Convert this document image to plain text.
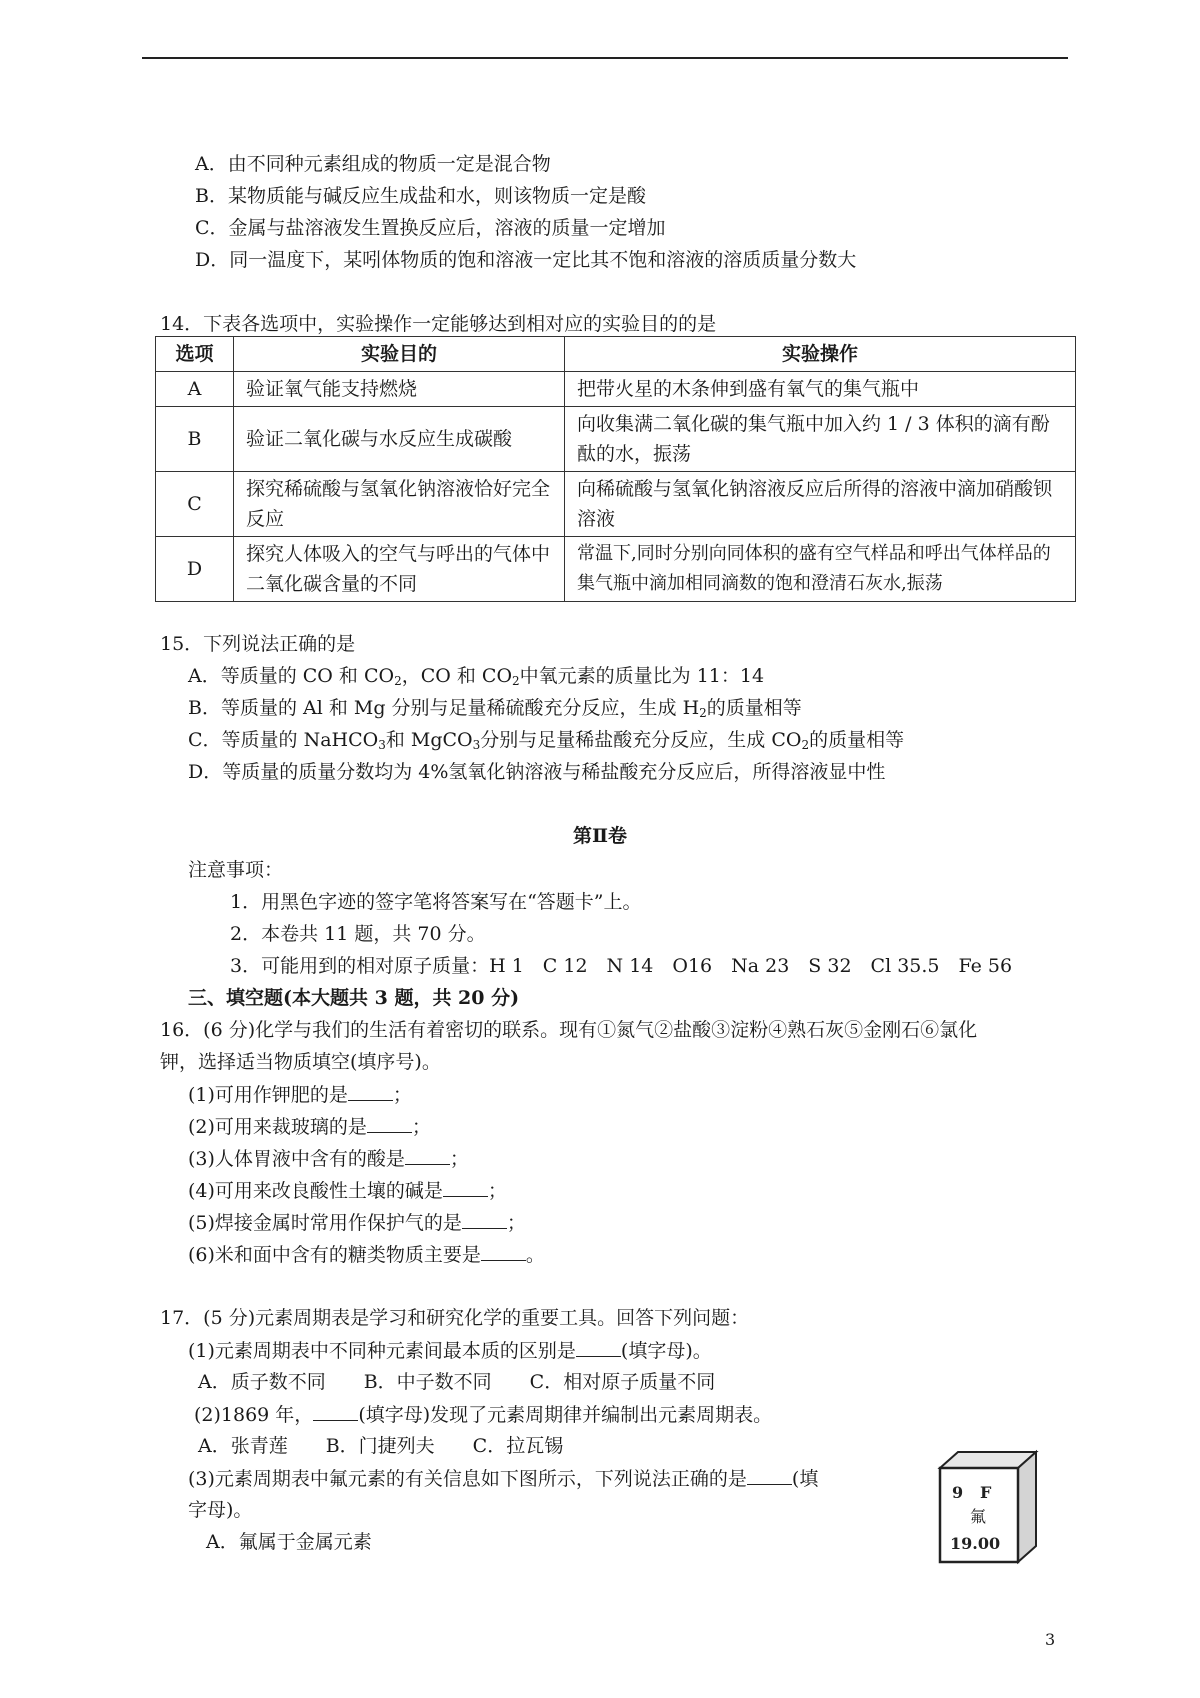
A．由不同种元素组成的物质一定是混合物
B．某物质能与碱反应生成盐和水，则该物质一定是酸
C．金属与盐溶液发生置换反应后，溶液的质量一定增加
D．同一温度下，某吲体物质的饱和溶液一定比其不饱和溶液的溶质质量分数大
14．下表各选项中，实验操作一定能够达到相对应的实验目的的是
选项	实验目的	实验操作
A	验证氧气能支持燃烧	把带火星的木条伸到盛有氧气的集气瓶中
B	验证二氧化碳与水反应生成碳酸	向收集满二氧化碳的集气瓶中加入约 1 / 3 体积的滴有酚酞的水，振荡
C	探究稀硫酸与氢氧化钠溶液恰好完全反应	向稀硫酸与氢氧化钠溶液反应后所得的溶液中滴加硝酸钡溶液
D	探究人体吸入的空气与呼出的气体中二氧化碳含量的不同	常温下,同时分别向同体积的盛有空气样品和呼出气体样品的集气瓶中滴加相同滴数的饱和澄清石灰水,振荡
15．下列说法正确的是
A．等质量的 CO 和 $CO_2$，CO 和 $CO_2$中氧元素的质量比为 11：14
B．等质量的 Al 和 Mg 分别与足量稀硫酸充分反应，生成 $H_2$的质量相等
C．等质量的 NaHCO$_3$和 MgCO$_3$分别与足量稀盐酸充分反应，生成 $CO_2$的质量相等
D．等质量的质量分数均为 4%氢氧化钠溶液与稀盐酸充分反应后，所得溶液显中性
第Ⅱ卷
注意事项：
1．用黑色字迹的签字笔将答案写在“答题卡”上。
2．本卷共 11 题，共 70 分。
3．可能用到的相对原子质量：H 1　C 12　N 14　O16　Na 23　S 32　Cl 35.5　Fe 56
三、填空题(本大题共 3 题，共 20 分)
16．(6 分)化学与我们的生活有着密切的联系。现有①氮气②盐酸③淀粉④熟石灰⑤金刚石⑥氯化
钾，选择适当物质填空(填序号)。
(1)可用作钾肥的是 ；
(2)可用来裁玻璃的是 ；
(3)人体胃液中含有的酸是 ；
(4)可用来改良酸性土壤的碱是 ；
(5)焊接金属时常用作保护气的是 ；
(6)米和面中含有的糖类物质主要是 。
17．(5 分)元素周期表是学习和研究化学的重要工具。回答下列问题：
(1)元素周期表中不同种元素间最本质的区别是 (填字母)。
A．质子数不同　　B．中子数不同　　C．相对原子质量不同
(2)1869 年， (填字母)发现了元素周期律并编制出元素周期表。
A．张青莲　　B．门捷列夫　　C．拉瓦锡
(3)元素周期表中氟元素的有关信息如下图所示，下列说法正确的是 (填
字母)。
A．氟属于金属元素
9 F
氟
19.00
3
